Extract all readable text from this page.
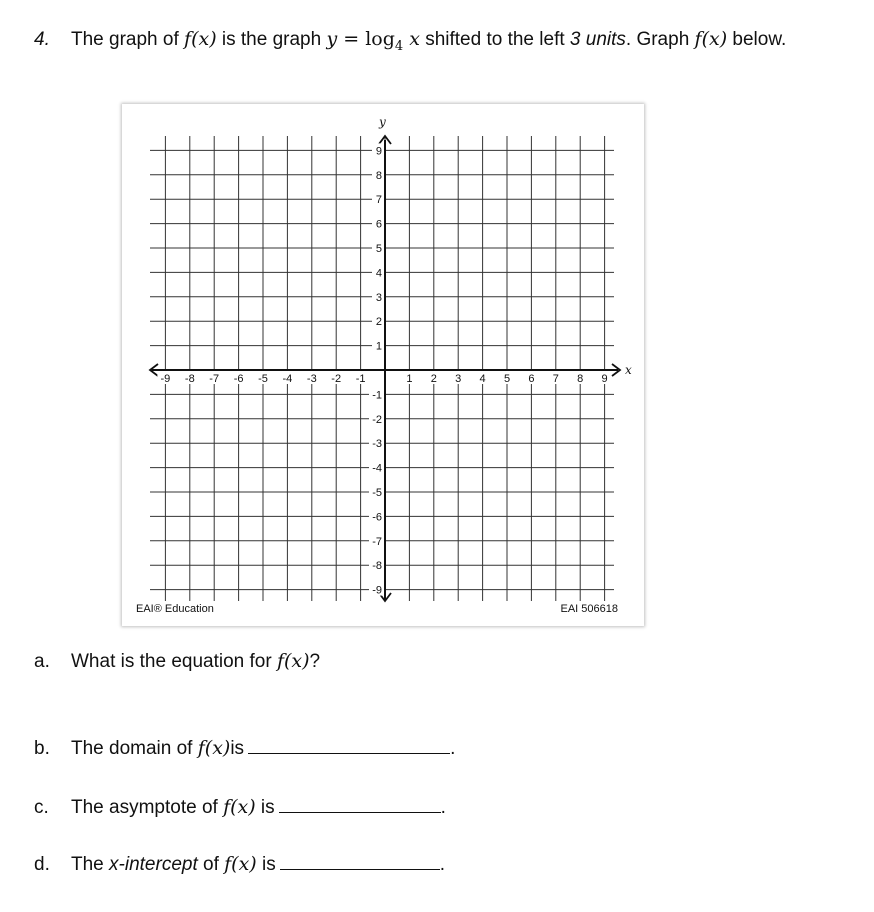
4. The graph of f(x) is the graph $y = \log_4 x$ shifted to the left 3 units. Graph f(x) below.
x
y
-9 -8 -7 -6 -5 -4 -3 -2 -1	1 2 3 4 5 6 7 8 9
1
2
3
4
5
6
7
8
9
-1
-2
-3
-4
-5
-6
-7
-8
-9
EAI® Education	EAI 506618
a. What is the equation for f(x)?
b. The domain of f(x)is	.
c. The asymptote of f(x) is	.
d. The x-intercept of f(x) is	.
